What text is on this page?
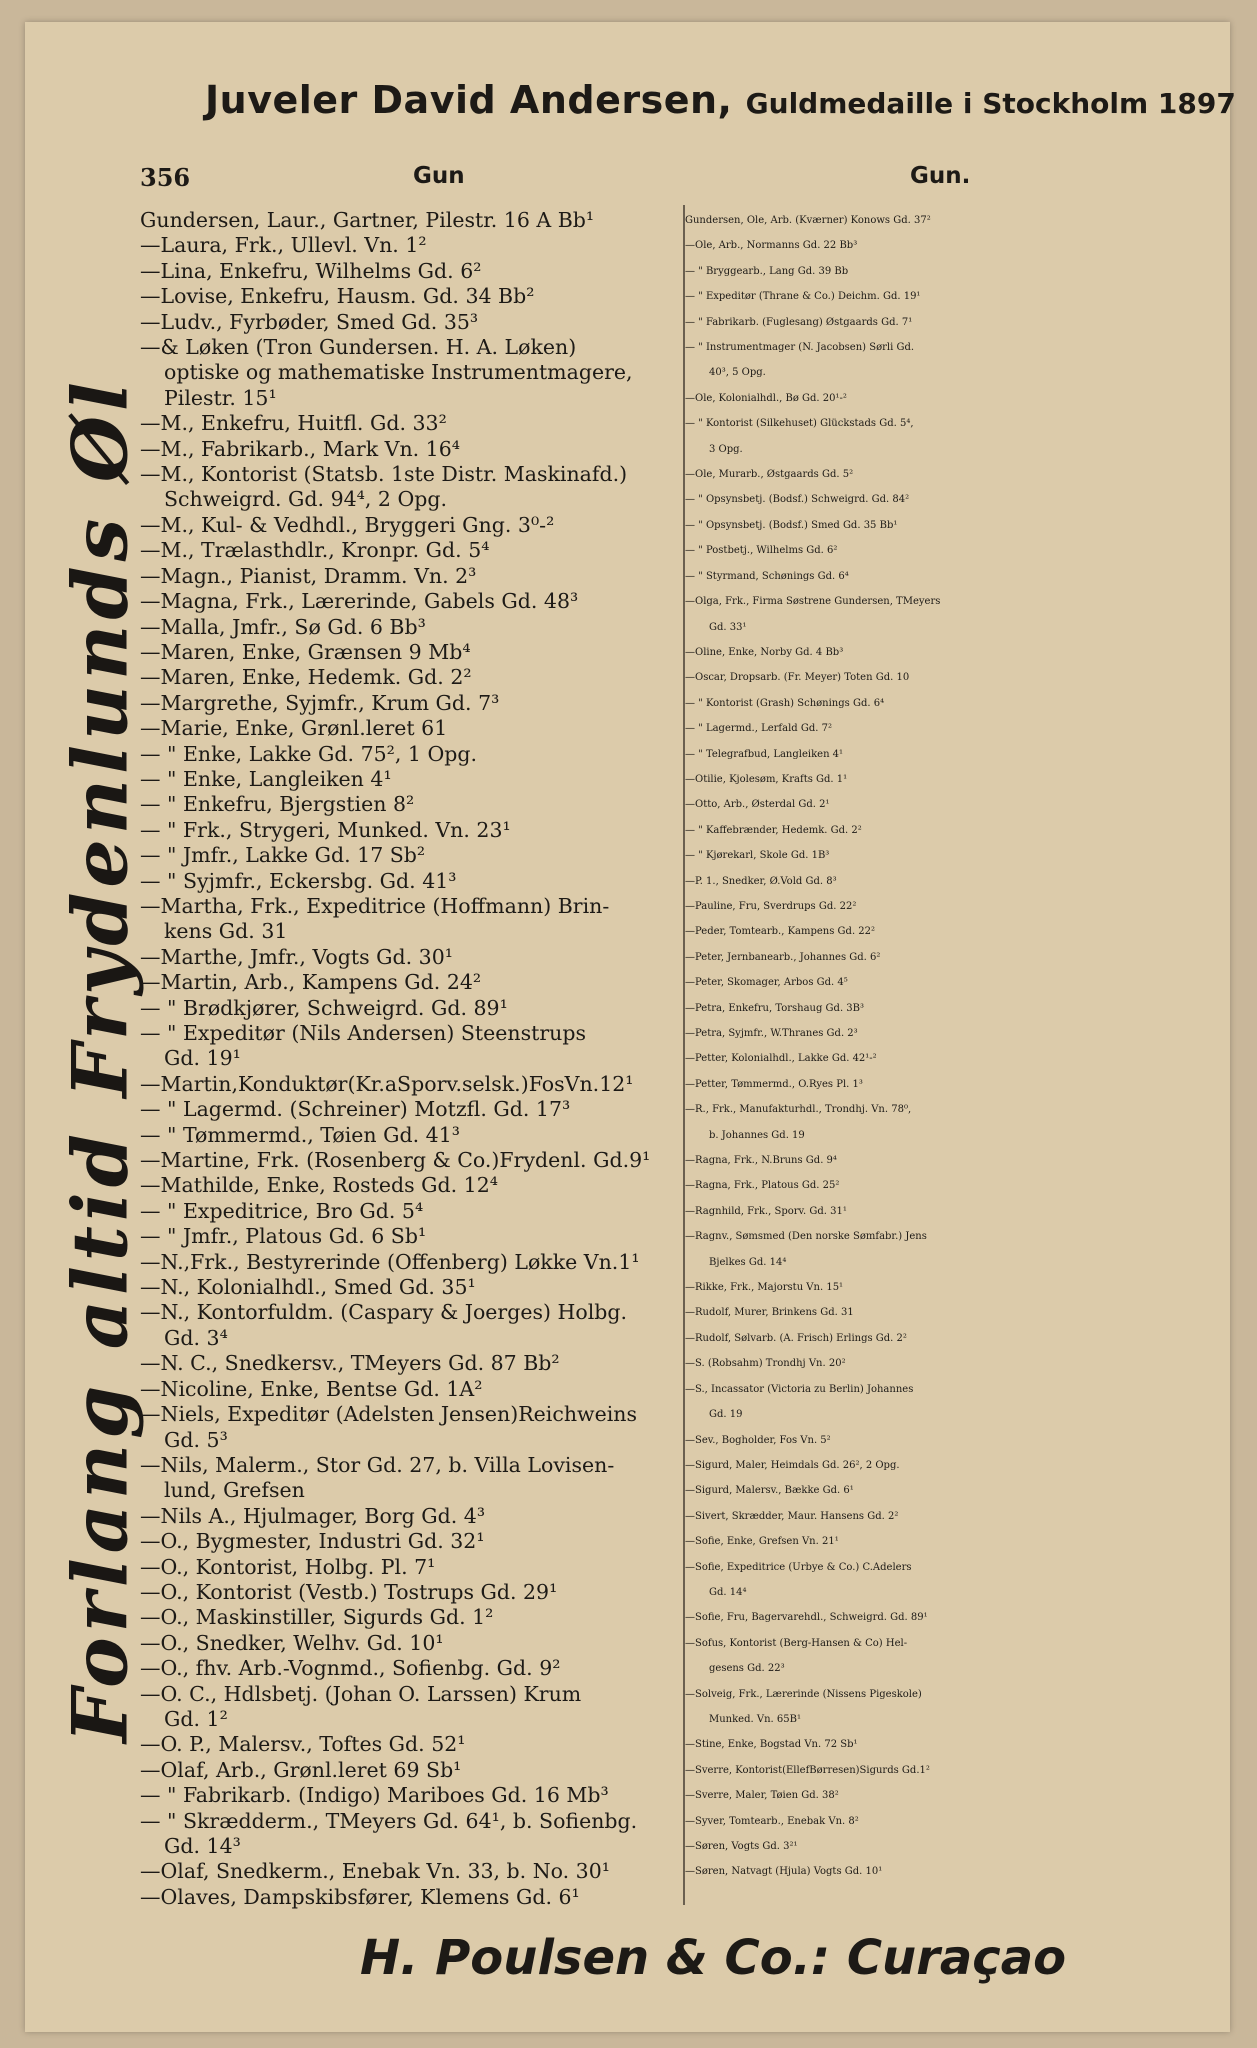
Juveler David Andersen, Guldmedaille i Stockholm 1897
356	Gun	Gun.
Forlang altid Frydenlunds Øl
Gundersen, Laur., Gartner, Pilestr. 16 A Bb¹
—Laura, Frk., Ullevl. Vn. 1²
—Lina, Enkefru, Wilhelms Gd. 6²
—Lovise, Enkefru, Hausm. Gd. 34 Bb²
—Ludv., Fyrbøder, Smed Gd. 35³
—& Løken (Tron Gundersen. H. A. Løken)
optiske og mathematiske Instrumentmagere,
Pilestr. 15¹
—M., Enkefru, Huitfl. Gd. 33²
—M., Fabrikarb., Mark Vn. 16⁴
—M., Kontorist (Statsb. 1ste Distr. Maskinafd.)
Schweigrd. Gd. 94⁴, 2 Opg.
—M., Kul- & Vedhdl., Bryggeri Gng. 3⁰-²
—M., Trælasthdlr., Kronpr. Gd. 5⁴
—Magn., Pianist, Dramm. Vn. 2³
—Magna, Frk., Lærerinde, Gabels Gd. 48³
—Malla, Jmfr., Sø Gd. 6 Bb³
—Maren, Enke, Grænsen 9 Mb⁴
—Maren, Enke, Hedemk. Gd. 2²
—Margrethe, Syjmfr., Krum Gd. 7³
—Marie, Enke, Grønl.leret 61
— " Enke, Lakke Gd. 75², 1 Opg.
— " Enke, Langleiken 4¹
— " Enkefru, Bjergstien 8²
— " Frk., Strygeri, Munked. Vn. 23¹
— " Jmfr., Lakke Gd. 17 Sb²
— " Syjmfr., Eckersbg. Gd. 41³
—Martha, Frk., Expeditrice (Hoffmann) Brin-
kens Gd. 31
—Marthe, Jmfr., Vogts Gd. 30¹
—Martin, Arb., Kampens Gd. 24²
— " Brødkjører, Schweigrd. Gd. 89¹
— " Expeditør (Nils Andersen) Steenstrups
Gd. 19¹
—Martin,Konduktør(Kr.aSporv.selsk.)FosVn.12¹
— " Lagermd. (Schreiner) Motzfl. Gd. 17³
— " Tømmermd., Tøien Gd. 41³
—Martine, Frk. (Rosenberg & Co.)Frydenl. Gd.9¹
—Mathilde, Enke, Rosteds Gd. 12⁴
— " Expeditrice, Bro Gd. 5⁴
— " Jmfr., Platous Gd. 6 Sb¹
—N.,Frk., Bestyrerinde (Offenberg) Løkke Vn.1¹
—N., Kolonialhdl., Smed Gd. 35¹
—N., Kontorfuldm. (Caspary & Joerges) Holbg.
Gd. 3⁴
—N. C., Snedkersv., TMeyers Gd. 87 Bb²
—Nicoline, Enke, Bentse Gd. 1A²
—Niels, Expeditør (Adelsten Jensen)Reichweins
Gd. 5³
—Nils, Malerm., Stor Gd. 27, b. Villa Lovisen-
lund, Grefsen
—Nils A., Hjulmager, Borg Gd. 4³
—O., Bygmester, Industri Gd. 32¹
—O., Kontorist, Holbg. Pl. 7¹
—O., Kontorist (Vestb.) Tostrups Gd. 29¹
—O., Maskinstiller, Sigurds Gd. 1²
—O., Snedker, Welhv. Gd. 10¹
—O., fhv. Arb.-Vognmd., Sofienbg. Gd. 9²
—O. C., Hdlsbetj. (Johan O. Larssen) Krum
Gd. 1²
—O. P., Malersv., Toftes Gd. 52¹
—Olaf, Arb., Grønl.leret 69 Sb¹
— " Fabrikarb. (Indigo) Mariboes Gd. 16 Mb³
— " Skrædderm., TMeyers Gd. 64¹, b. Sofienbg.
Gd. 14³
—Olaf, Snedkerm., Enebak Vn. 33, b. No. 30¹
—Olaves, Dampskibsfører, Klemens Gd. 6¹
Gundersen, Ole, Arb. (Kværner) Konows Gd. 37²
—Ole, Arb., Normanns Gd. 22 Bb³
— " Bryggearb., Lang Gd. 39 Bb
— " Expeditør (Thrane & Co.) Deichm. Gd. 19¹
— " Fabrikarb. (Fuglesang) Østgaards Gd. 7¹
— " Instrumentmager (N. Jacobsen) Sørli Gd.
40³, 5 Opg.
—Ole, Kolonialhdl., Bø Gd. 20¹-²
— " Kontorist (Silkehuset) Glückstads Gd. 5⁴,
3 Opg.
—Ole, Murarb., Østgaards Gd. 5²
— " Opsynsbetj. (Bodsf.) Schweigrd. Gd. 84²
— " Opsynsbetj. (Bodsf.) Smed Gd. 35 Bb¹
— " Postbetj., Wilhelms Gd. 6²
— " Styrmand, Schønings Gd. 6⁴
—Olga, Frk., Firma Søstrene Gundersen, TMeyers
Gd. 33¹
—Oline, Enke, Norby Gd. 4 Bb³
—Oscar, Dropsarb. (Fr. Meyer) Toten Gd. 10
— " Kontorist (Grash) Schønings Gd. 6⁴
— " Lagermd., Lerfald Gd. 7²
— " Telegrafbud, Langleiken 4¹
—Otilie, Kjolesøm, Krafts Gd. 1¹
—Otto, Arb., Østerdal Gd. 2¹
— " Kaffebrænder, Hedemk. Gd. 2²
— " Kjørekarl, Skole Gd. 1B³
—P. 1., Snedker, Ø.Vold Gd. 8³
—Pauline, Fru, Sverdrups Gd. 22²
—Peder, Tomtearb., Kampens Gd. 22²
—Peter, Jernbanearb., Johannes Gd. 6²
—Peter, Skomager, Arbos Gd. 4⁵
—Petra, Enkefru, Torshaug Gd. 3B³
—Petra, Syjmfr., W.Thranes Gd. 2³
—Petter, Kolonialhdl., Lakke Gd. 42¹-²
—Petter, Tømmermd., O.Ryes Pl. 1³
—R., Frk., Manufakturhdl., Trondhj. Vn. 78⁰,
b. Johannes Gd. 19
—Ragna, Frk., N.Bruns Gd. 9⁴
—Ragna, Frk., Platous Gd. 25²
—Ragnhild, Frk., Sporv. Gd. 31¹
—Ragnv., Sømsmed (Den norske Sømfabr.) Jens
Bjelkes Gd. 14⁴
—Rikke, Frk., Majorstu Vn. 15¹
—Rudolf, Murer, Brinkens Gd. 31
—Rudolf, Sølvarb. (A. Frisch) Erlings Gd. 2²
—S. (Robsahm) Trondhj Vn. 20²
—S., Incassator (Victoria zu Berlin) Johannes
Gd. 19
—Sev., Bogholder, Fos Vn. 5²
—Sigurd, Maler, Heimdals Gd. 26², 2 Opg.
—Sigurd, Malersv., Bække Gd. 6¹
—Sivert, Skrædder, Maur. Hansens Gd. 2²
—Sofie, Enke, Grefsen Vn. 21¹
—Sofie, Expeditrice (Urbye & Co.) C.Adelers
Gd. 14⁴
—Sofie, Fru, Bagervarehdl., Schweigrd. Gd. 89¹
—Sofus, Kontorist (Berg-Hansen & Co) Hel-
gesens Gd. 22³
—Solveig, Frk., Lærerinde (Nissens Pigeskole)
Munked. Vn. 65B¹
—Stine, Enke, Bogstad Vn. 72 Sb¹
—Sverre, Kontorist(EllefBørresen)Sigurds Gd.1²
—Sverre, Maler, Tøien Gd. 38²
—Syver, Tomtearb., Enebak Vn. 8²
—Søren, Vogts Gd. 3²¹
—Søren, Natvagt (Hjula) Vogts Gd. 10¹
H. Poulsen & Co.: Curaçao
